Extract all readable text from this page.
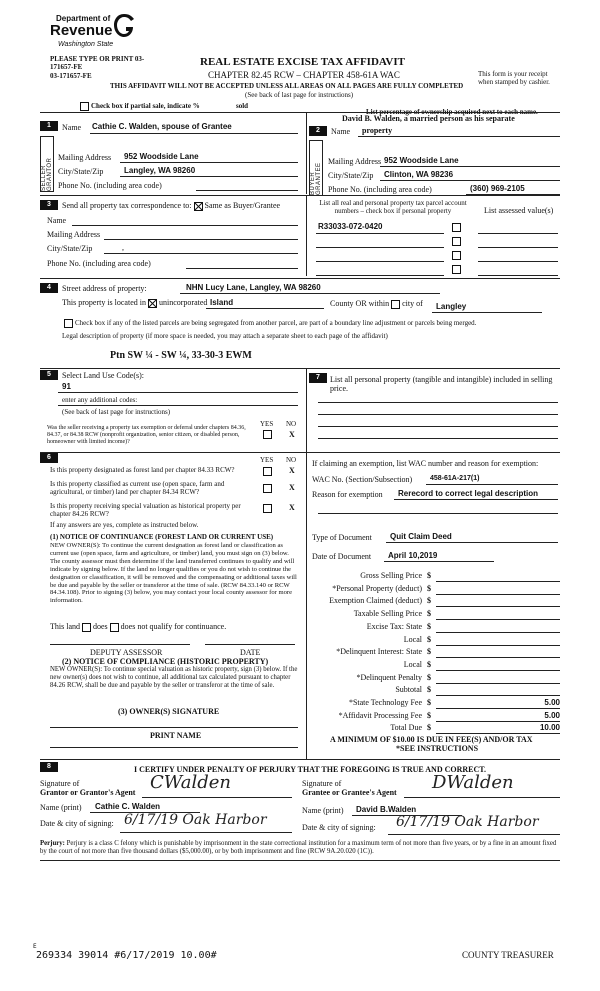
Department of
Revenue
Washington State
PLEASE TYPE OR PRINT 03-
171657-FE
03-171657-FE
REAL ESTATE EXCISE TAX AFFIDAVIT
CHAPTER 82.45 RCW – CHAPTER 458-61A WAC
THIS AFFIDAVIT WILL NOT BE ACCEPTED UNLESS ALL AREAS ON ALL PAGES ARE FULLY COMPLETED
(See back of last page for instructions)
This form is your receipt when stamped by cashier.
Check box if partial sale, indicate %	sold
List percentage of ownership acquired next to each name.
1	Name Cathie C. Walden, spouse of Grantee
SELLER GRANTOR
Mailing Address 952 Woodside Lane
City/State/Zip	Langley, WA 98260
Phone No. (including area code)
2
David B. Walden, a married person as his separate
Name property
BUYER GRANTEE
Mailing Address 952 Woodside Lane
City/State/Zip Clinton, WA 98236
Phone No. (including area code)	(360) 969-2105
3	Send all property tax correspondence to: Same as Buyer/Grantee
Name
Mailing Address
City/State/Zip	,
Phone No. (including area code)
List all real and personal property tax parcel account numbers – check box if personal property	List assessed value(s)
R33033-072-0420
4	Street address of property:	NHN Lucy Lane, Langley, WA 98260
This property is located in unincorporated Island	County OR within city of Langley
Check box if any of the listed parcels are being segregated from another parcel, are part of a boundary line adjustment or parcels being merged.
Legal description of property (if more space is needed, you may attach a separate sheet to each page of the affidavit)
Ptn SW ¼ - SW ¼, 33-30-3 EWM
5	Select Land Use Code(s):
91
enter any additional codes:
(See back of last page for instructions)
YES NO
Was the seller receiving a property tax exemption or deferral under chapters 84.36, 84.37, or 84.38 RCW (nonprofit organization, senior citizen, or disabled person, homeowner with limited income)?
X
6	YES NO
Is this property designated as forest land per chapter 84.33 RCW?	X
Is this property classified as current use (open space, farm and agricultural, or timber) land per chapter 84.34 RCW?
X
Is this property receiving special valuation as historical property per chapter 84.26 RCW?
X
If any answers are yes, complete as instructed below.
(1) NOTICE OF CONTINUANCE (FOREST LAND OR CURRENT USE)
NEW OWNER(S): To continue the current designation as forest land or classification as current use (open space, farm and agriculture, or timber) land, you must sign on (3) below. The county assessor must then determine if the land transferred continues to qualify and will indicate by signing below. If the land no longer qualifies or you do not wish to continue the designation or classification, it will be removed and the compensating or additional taxes will be due and payable by the seller or transferor at the time of sale. (RCW 84.33.140 or RCW 84.34.108). Prior to signing (3) below, you may contact your local county assessor for more information.
This land does does not qualify for continuance.
DEPUTY ASSESSOR	DATE
(2) NOTICE OF COMPLIANCE (HISTORIC PROPERTY)
NEW OWNER(S): To continue special valuation as historic property, sign (3) below. If the new owner(s) does not wish to continue, all additional tax calculated pursuant to chapter 84.26 RCW, shall be due and payable by the seller or transferor at the time of sale.
(3) OWNER(S) SIGNATURE
PRINT NAME
7	List all personal property (tangible and intangible) included in selling price.
If claiming an exemption, list WAC number and reason for exemption:
WAC No. (Section/Subsection)	458-61A-217(1)
Reason for exemption Rerecord to correct legal description
Type of Document Quit Claim Deed
Date of Document April 10,2019
Gross Selling Price $
*Personal Property (deduct) $
Exemption Claimed (deduct) $
Taxable Selling Price $
Excise Tax: State $
Local $
*Delinquent Interest: State $
Local $
*Delinquent Penalty $
Subtotal $
*State Technology Fee $	5.00
*Affidavit Processing Fee $	5.00
Total Due $	10.00
A MINIMUM OF $10.00 IS DUE IN FEE(S) AND/OR TAX
*SEE INSTRUCTIONS
8	I CERTIFY UNDER PENALTY OF PERJURY THAT THE FOREGOING IS TRUE AND CORRECT.
Signature of
Grantor or Grantor's Agent CWalden
Name (print) Cathie C. Walden
Date & city of signing: 6/17/19 Oak Harbor
Signature of
Grantee or Grantee's Agent DWalden
Name (print) David B.Walden
Date & city of signing: 6/17/19 Oak Harbor
Perjury: Perjury is a class C felony which is punishable by imprisonment in the state correctional institution for a maximum term of not more than five years, or by a fine in an amount fixed by the court of not more than five thousand dollars ($5,000.00), or by both imprisonment and fine (RCW 9A.20.020 (1C)).
E
269334 39014 #6/17/2019 10.00#	COUNTY TREASURER
